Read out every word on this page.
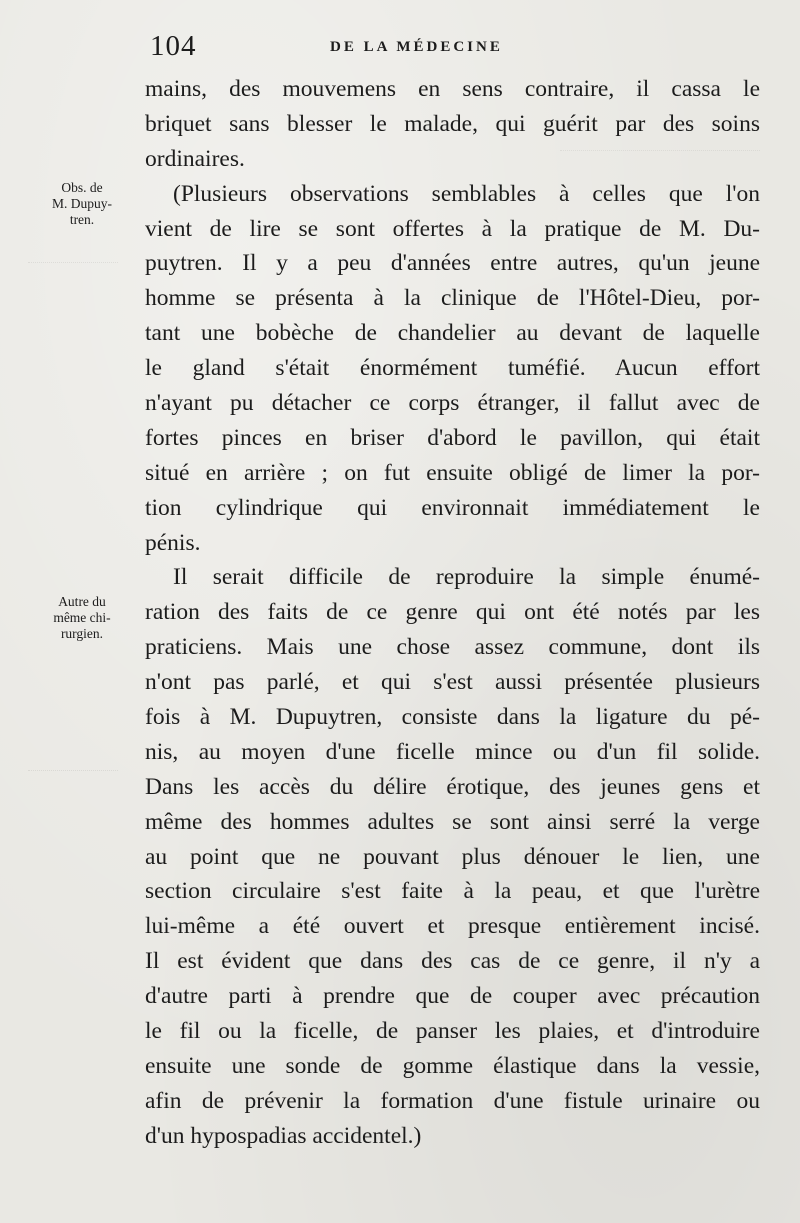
104	DE LA MÉDECINE
Obs. de
M. Dupuy-
tren.
Autre du
même chi-
rurgien.
mains, des mouvemens en sens contraire, il cassa le
briquet sans blesser le malade, qui guérit par des soins
ordinaires.
(Plusieurs observations semblables à celles que l'on
vient de lire se sont offertes à la pratique de M. Du-
puytren. Il y a peu d'années entre autres, qu'un jeune
homme se présenta à la clinique de l'Hôtel-Dieu, por-
tant une bobèche de chandelier au devant de laquelle
le gland s'était énormément tuméfié. Aucun effort
n'ayant pu détacher ce corps étranger, il fallut avec de
fortes pinces en briser d'abord le pavillon, qui était
situé en arrière ; on fut ensuite obligé de limer la por-
tion cylindrique qui environnait immédiatement le
pénis.
Il serait difficile de reproduire la simple énumé-
ration des faits de ce genre qui ont été notés par les
praticiens. Mais une chose assez commune, dont ils
n'ont pas parlé, et qui s'est aussi présentée plusieurs
fois à M. Dupuytren, consiste dans la ligature du pé-
nis, au moyen d'une ficelle mince ou d'un fil solide.
Dans les accès du délire érotique, des jeunes gens et
même des hommes adultes se sont ainsi serré la verge
au point que ne pouvant plus dénouer le lien, une
section circulaire s'est faite à la peau, et que l'urètre
lui-même a été ouvert et presque entièrement incisé.
Il est évident que dans des cas de ce genre, il n'y a
d'autre parti à prendre que de couper avec précaution
le fil ou la ficelle, de panser les plaies, et d'introduire
ensuite une sonde de gomme élastique dans la vessie,
afin de prévenir la formation d'une fistule urinaire ou
d'un hypospadias accidentel.)
